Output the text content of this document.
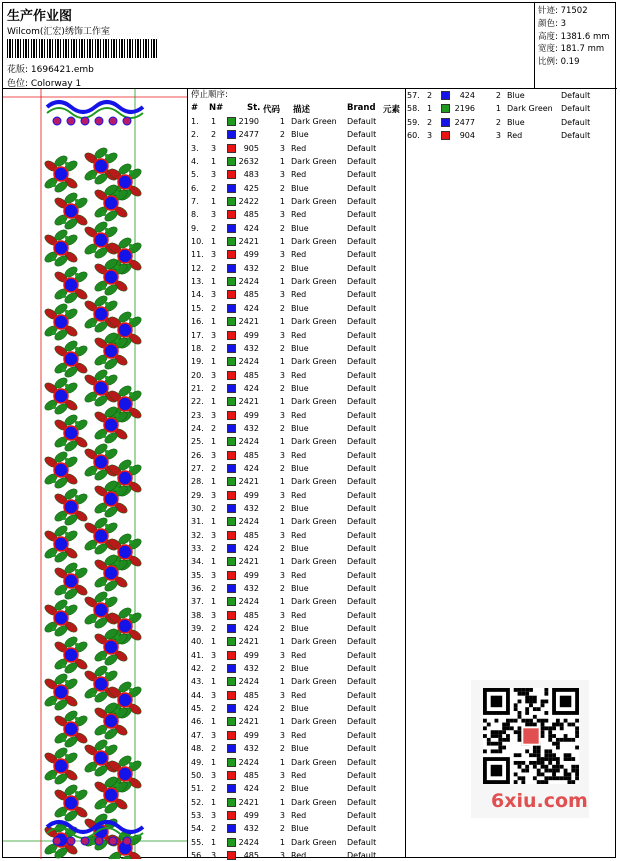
生产作业图
Wilcom(汇宏)绣饰工作室
花版: 1696421.emb
色位: Colorway 1
针迹: 71502
颜色: 3
高度: 1381.6 mm
宽度: 181.7 mm
比例: 0.19
停止顺序:
# N#	St. 代码 描述	Brand 元素
1. 1	2190	1 Dark Green Default
2. 2	2477	2 Blue	Default
3. 3	905	3 Red	Default
4. 1	2632	1 Dark Green Default
5. 3	483	3 Red	Default
6. 2	425	2 Blue	Default
7. 1	2422	1 Dark Green Default
8. 3	485	3 Red	Default
9. 2	424	2 Blue	Default
10. 1	2421	1 Dark Green Default
11. 3	499	3 Red	Default
12. 2	432	2 Blue	Default
13. 1	2424	1 Dark Green Default
14. 3	485	3 Red	Default
15. 2	424	2 Blue	Default
16. 1	2421	1 Dark Green Default
17. 3	499	3 Red	Default
18. 2	432	2 Blue	Default
19. 1	2424	1 Dark Green Default
20. 3	485	3 Red	Default
21. 2	424	2 Blue	Default
22. 1	2421	1 Dark Green Default
23. 3	499	3 Red	Default
24. 2	432	2 Blue	Default
25. 1	2424	1 Dark Green Default
26. 3	485	3 Red	Default
27. 2	424	2 Blue	Default
28. 1	2421	1 Dark Green Default
29. 3	499	3 Red	Default
30. 2	432	2 Blue	Default
31. 1	2424	1 Dark Green Default
32. 3	485	3 Red	Default
33. 2	424	2 Blue	Default
34. 1	2421	1 Dark Green Default
35. 3	499	3 Red	Default
36. 2	432	2 Blue	Default
37. 1	2424	1 Dark Green Default
38. 3	485	3 Red	Default
39. 2	424	2 Blue	Default
40. 1	2421	1 Dark Green Default
41. 3	499	3 Red	Default
42. 2	432	2 Blue	Default
43. 1	2424	1 Dark Green Default
44. 3	485	3 Red	Default
45. 2	424	2 Blue	Default
46. 1	2421	1 Dark Green Default
47. 3	499	3 Red	Default
48. 2	432	2 Blue	Default
49. 1	2424	1 Dark Green Default
50. 3	485	3 Red	Default
51. 2	424	2 Blue	Default
52. 1	2421	1 Dark Green Default
53. 3	499	3 Red	Default
54. 2	432	2 Blue	Default
55. 1	2424	1 Dark Green Default
56. 3	485	3 Red	Default
57. 2	424	2 Blue	Default
58. 1	2196	1 Dark Green Default
59. 2	2477	2 Blue	Default
60. 3	904	3 Red	Default
6xiu.com
